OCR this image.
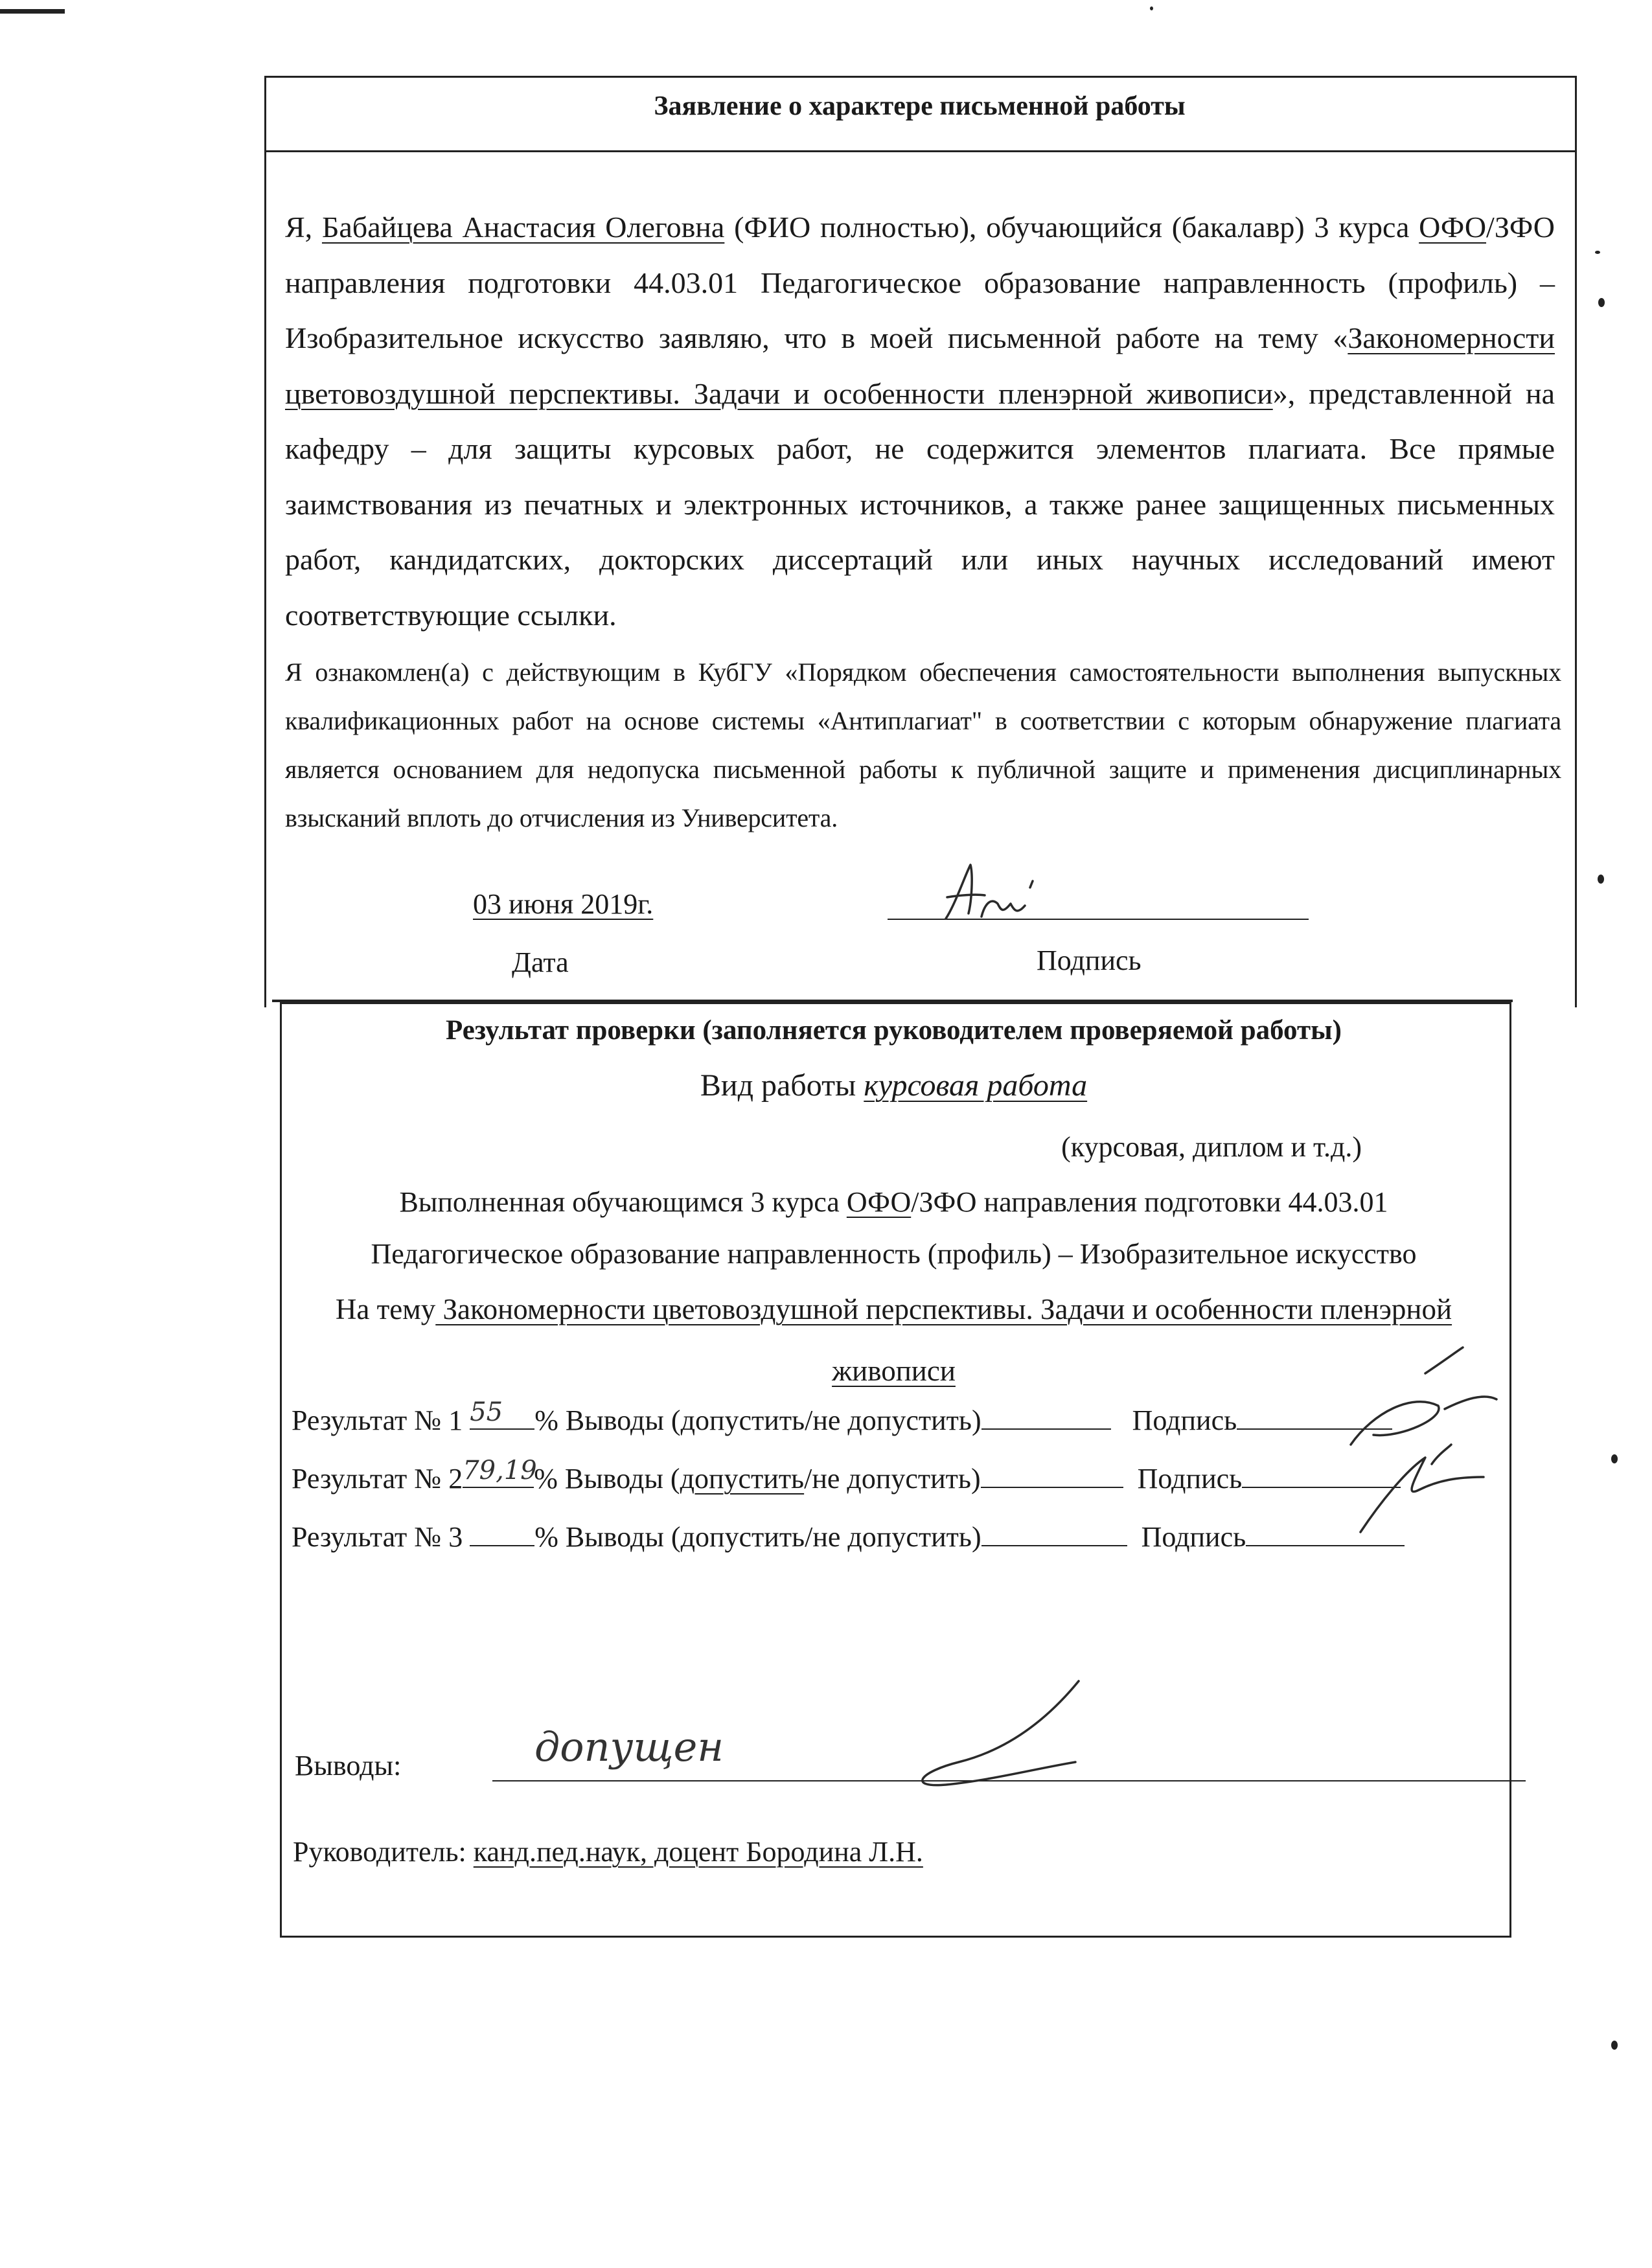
Заявление о характере письменной работы
Я, Бабайцева Анастасия Олеговна (ФИО полностью), обучающийся (бакалавр) 3 курса ОФО/ЗФО направления подготовки 44.03.01 Педагогическое образование направленность (профиль) – Изобразительное искусство заявляю, что в моей письменной работе на тему «Закономерности цветовоздушной перспективы. Задачи и особенности пленэрной живописи», представленной на кафедру – для защиты курсовых работ, не содержится элементов плагиата. Все прямые заимствования из печатных и электронных источников, а также ранее защищенных письменных работ, кандидатских, докторских диссертаций или иных научных исследований имеют соответствующие ссылки.
Я ознакомлен(а) с действующим в КубГУ «Порядком обеспечения самостоятельности выполнения выпускных квалификационных работ на основе системы «Антиплагиат" в соответствии с которым обнаружение плагиата является основанием для недопуска письменной работы к публичной защите и применения дисциплинарных взысканий вплоть до отчисления из Университета.
03 июня 2019г.
Дата	Подпись
Результат проверки (заполняется руководителем проверяемой работы)
Вид работы курсовая работа
(курсовая, диплом и т.д.)
Выполненная обучающимся 3 курса ОФО/ЗФО направления подготовки 44.03.01
Педагогическое образование направленность (профиль) – Изобразительное искусство
На тему Закономерности цветовоздушной перспективы. Задачи и особенности пленэрной
живописи
Результат № 1 55 % Выводы (допустить/не допустить)	Подпись
Результат № 2 79,19
% Выводы (допустить/не допустить)	Подпись
Результат № 3
% Выводы (допустить/не допустить)	Подпись
Выводы:	допущен
Руководитель: канд.пед.наук, доцент Бородина Л.Н.
